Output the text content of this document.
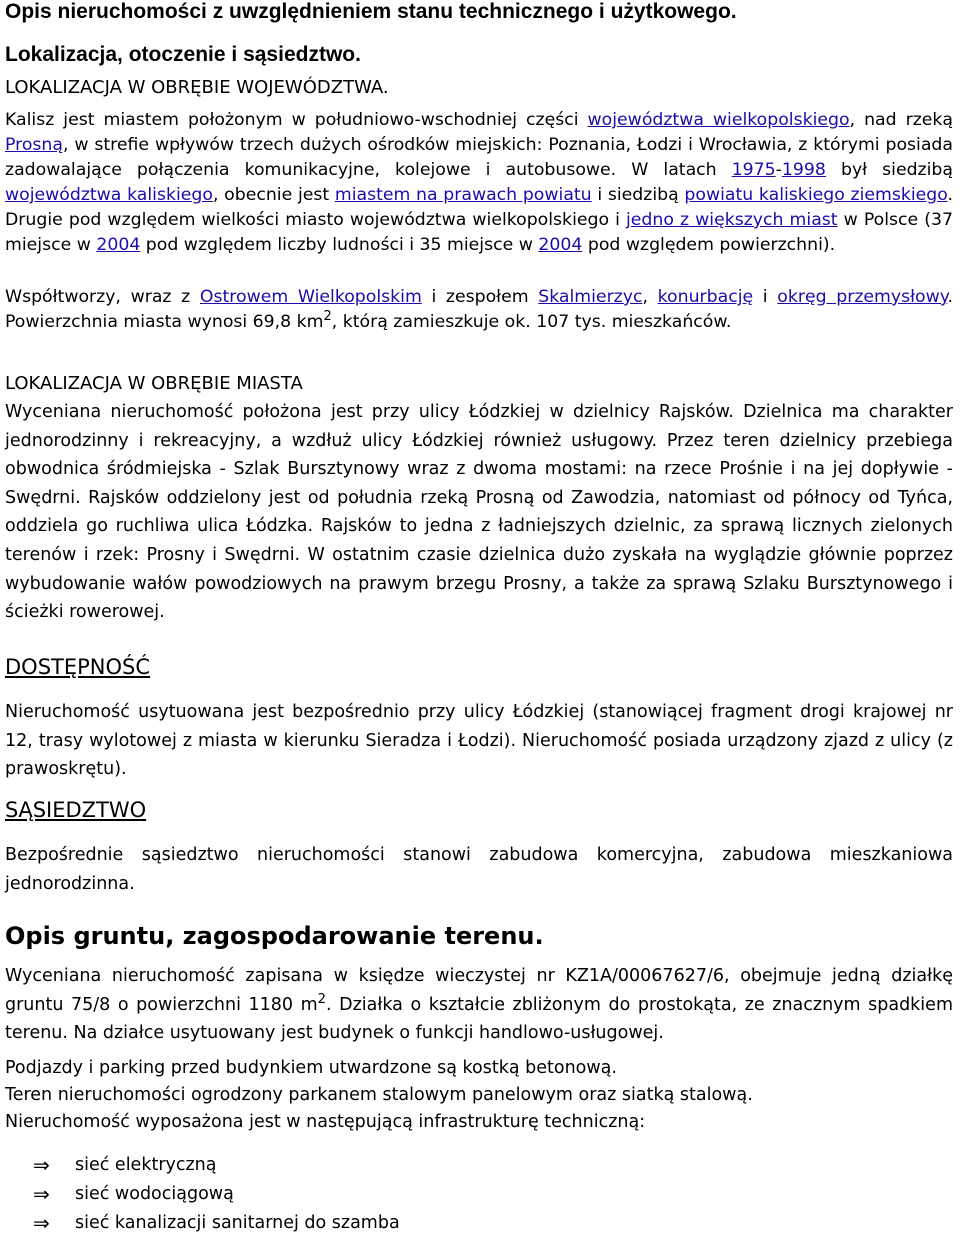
Opis nieruchomości z uwzględnieniem stanu technicznego i użytkowego.
Lokalizacja, otoczenie i sąsiedztwo.
LOKALIZACJA W OBRĘBIE WOJEWÓDZTWA.

Kalisz jest miastem położonym w południowo-wschodniej części województwa wielkopolskiego, nad rzeką Prosną, w strefie wpływów trzech dużych ośrodków miejskich: Poznania, Łodzi i Wrocławia, z którymi posiada zadowalające połączenia komunikacyjne, kolejowe i autobusowe. W latach 1975-1998 był siedzibą województwa kaliskiego, obecnie jest miastem na prawach powiatu i siedzibą powiatu kaliskiego ziemskiego. Drugie pod względem wielkości miasto województwa wielkopolskiego i jedno z większych miast w Polsce (37 miejsce w 2004 pod względem liczby ludności i 35 miejsce w 2004 pod względem powierzchni).

Współtworzy, wraz z Ostrowem Wielkopolskim i zespołem Skalmierzyc, konurbację i okręg przemysłowy. Powierzchnia miasta wynosi 69,8 $km^2$, którą zamieszkuje ok. 107 tys. mieszkańców.

LOKALIZACJA W OBRĘBIE MIASTA

Wyceniana nieruchomość położona jest przy ulicy Łódzkiej w dzielnicy Rajsków. Dzielnica ma charakter jednorodzinny i rekreacyjny, a wzdłuż ulicy Łódzkiej również usługowy. Przez teren dzielnicy przebiega obwodnica śródmiejska - Szlak Bursztynowy wraz z dwoma mostami: na rzece Prośnie i na jej dopływie - Swędrni. Rajsków oddzielony jest od południa rzeką Prosną od Zawodzia, natomiast od północy od Tyńca, oddziela go ruchliwa ulica Łódzka. Rajsków to jedna z ładniejszych dzielnic, za sprawą licznych zielonych terenów i rzek: Prosny i Swędrni. W ostatnim czasie dzielnica dużo zyskała na wyglądzie głównie poprzez wybudowanie wałów powodziowych na prawym brzegu Prosny, a także za sprawą Szlaku Bursztynowego i ścieżki rowerowej.

DOSTĘPNOŚĆ

Nieruchomość usytuowana jest bezpośrednio przy ulicy Łódzkiej (stanowiącej fragment drogi krajowej nr 12, trasy wylotowej z miasta w kierunku Sieradza i Łodzi). Nieruchomość posiada urządzony zjazd z ulicy (z prawoskrętu).

SĄSIEDZTWO

Bezpośrednie sąsiedztwo nieruchomości stanowi zabudowa komercyjna, zabudowa mieszkaniowa jednorodzinna.

Opis gruntu, zagospodarowanie terenu.

Wyceniana nieruchomość zapisana w księdze wieczystej nr KZ1A/00067627/6, obejmuje jedną działkę gruntu 75/8 o powierzchni 1180 $m^2$. Działka o kształcie zbliżonym do prostokąta, ze znacznym spadkiem terenu. Na działce usytuowany jest budynek o funkcji handlowo-usługowej.

Podjazdy i parking przed budynkiem utwardzone są kostką betonową.
Teren nieruchomości ogrodzony parkanem stalowym panelowym oraz siatką stalową.
Nieruchomość wyposażona jest w następującą infrastrukturę techniczną:
⇒	sieć elektryczną
⇒	sieć wodociągową
⇒	sieć kanalizacji sanitarnej do szamba
